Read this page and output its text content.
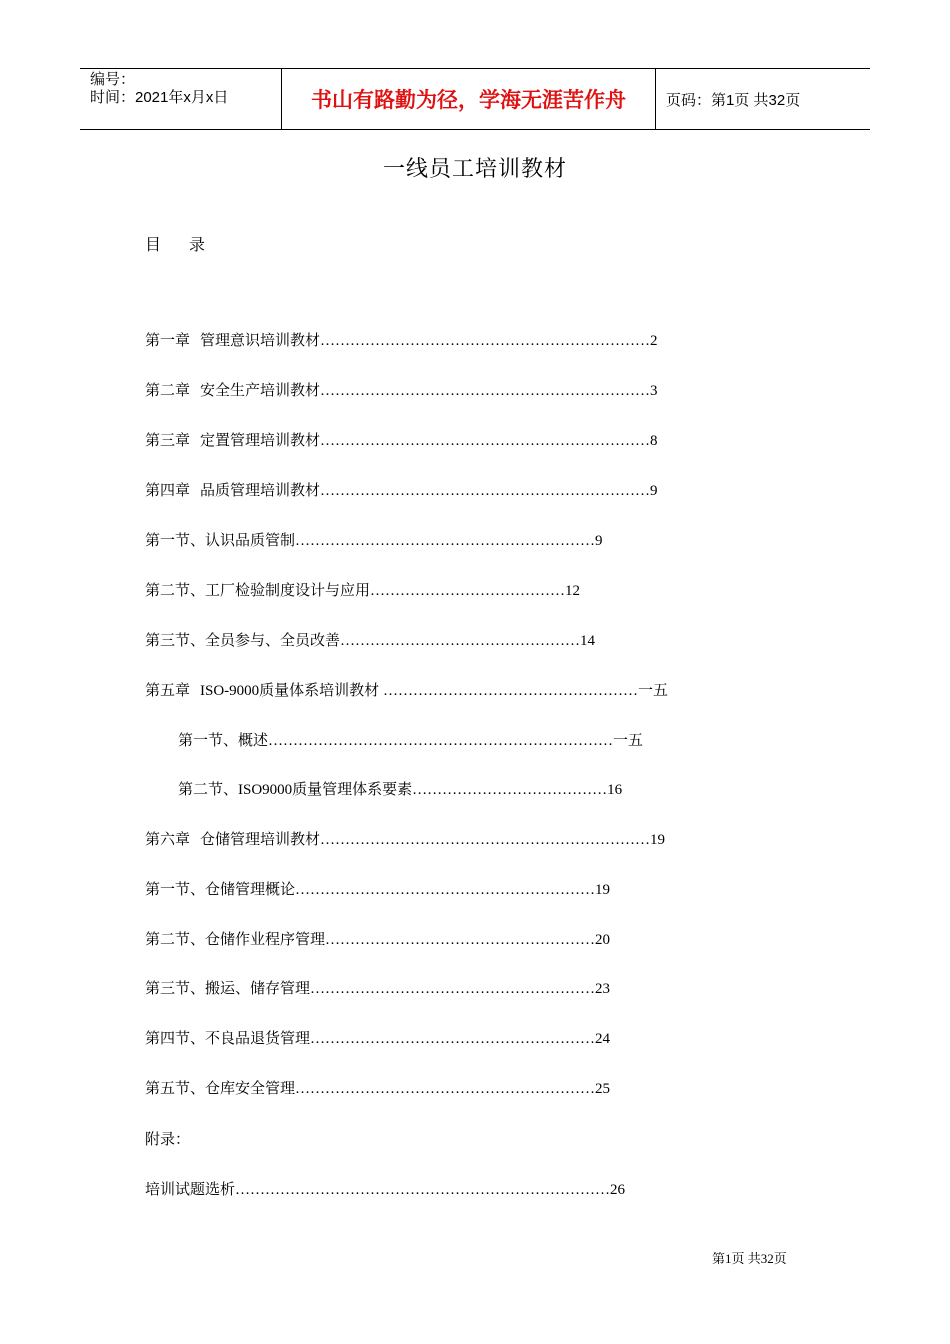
编号：
时间：2021年x月x日	书山有路勤为径，学海无涯苦作舟	页码：第1页 共32页
一线员工培训教材
目 录
第一章 管理意识培训教材…………………………………………………………2
第二章 安全生产培训教材…………………………………………………………3
第三章 定置管理培训教材…………………………………………………………8
第四章 品质管理培训教材…………………………………………………………9
第一节、认识品质管制……………………………………………………9
第二节、工厂检验制度设计与应用…………………………………12
第三节、全员参与、全员改善…………………………………………14
第五章 ISO-9000质量体系培训教材 ……………………………………………一五
第一节、概述……………………………………………………………一五
第二节、ISO9000质量管理体系要素…………………………………16
第六章 仓储管理培训教材…………………………………………………………19
第一节、仓储管理概论……………………………………………………19
第二节、仓储作业程序管理………………………………………………20
第三节、搬运、储存管理…………………………………………………23
第四节、不良品退货管理…………………………………………………24
第五节、仓库安全管理……………………………………………………25
附录：
培训试题选析…………………………………………………………………26
第1页 共32页
